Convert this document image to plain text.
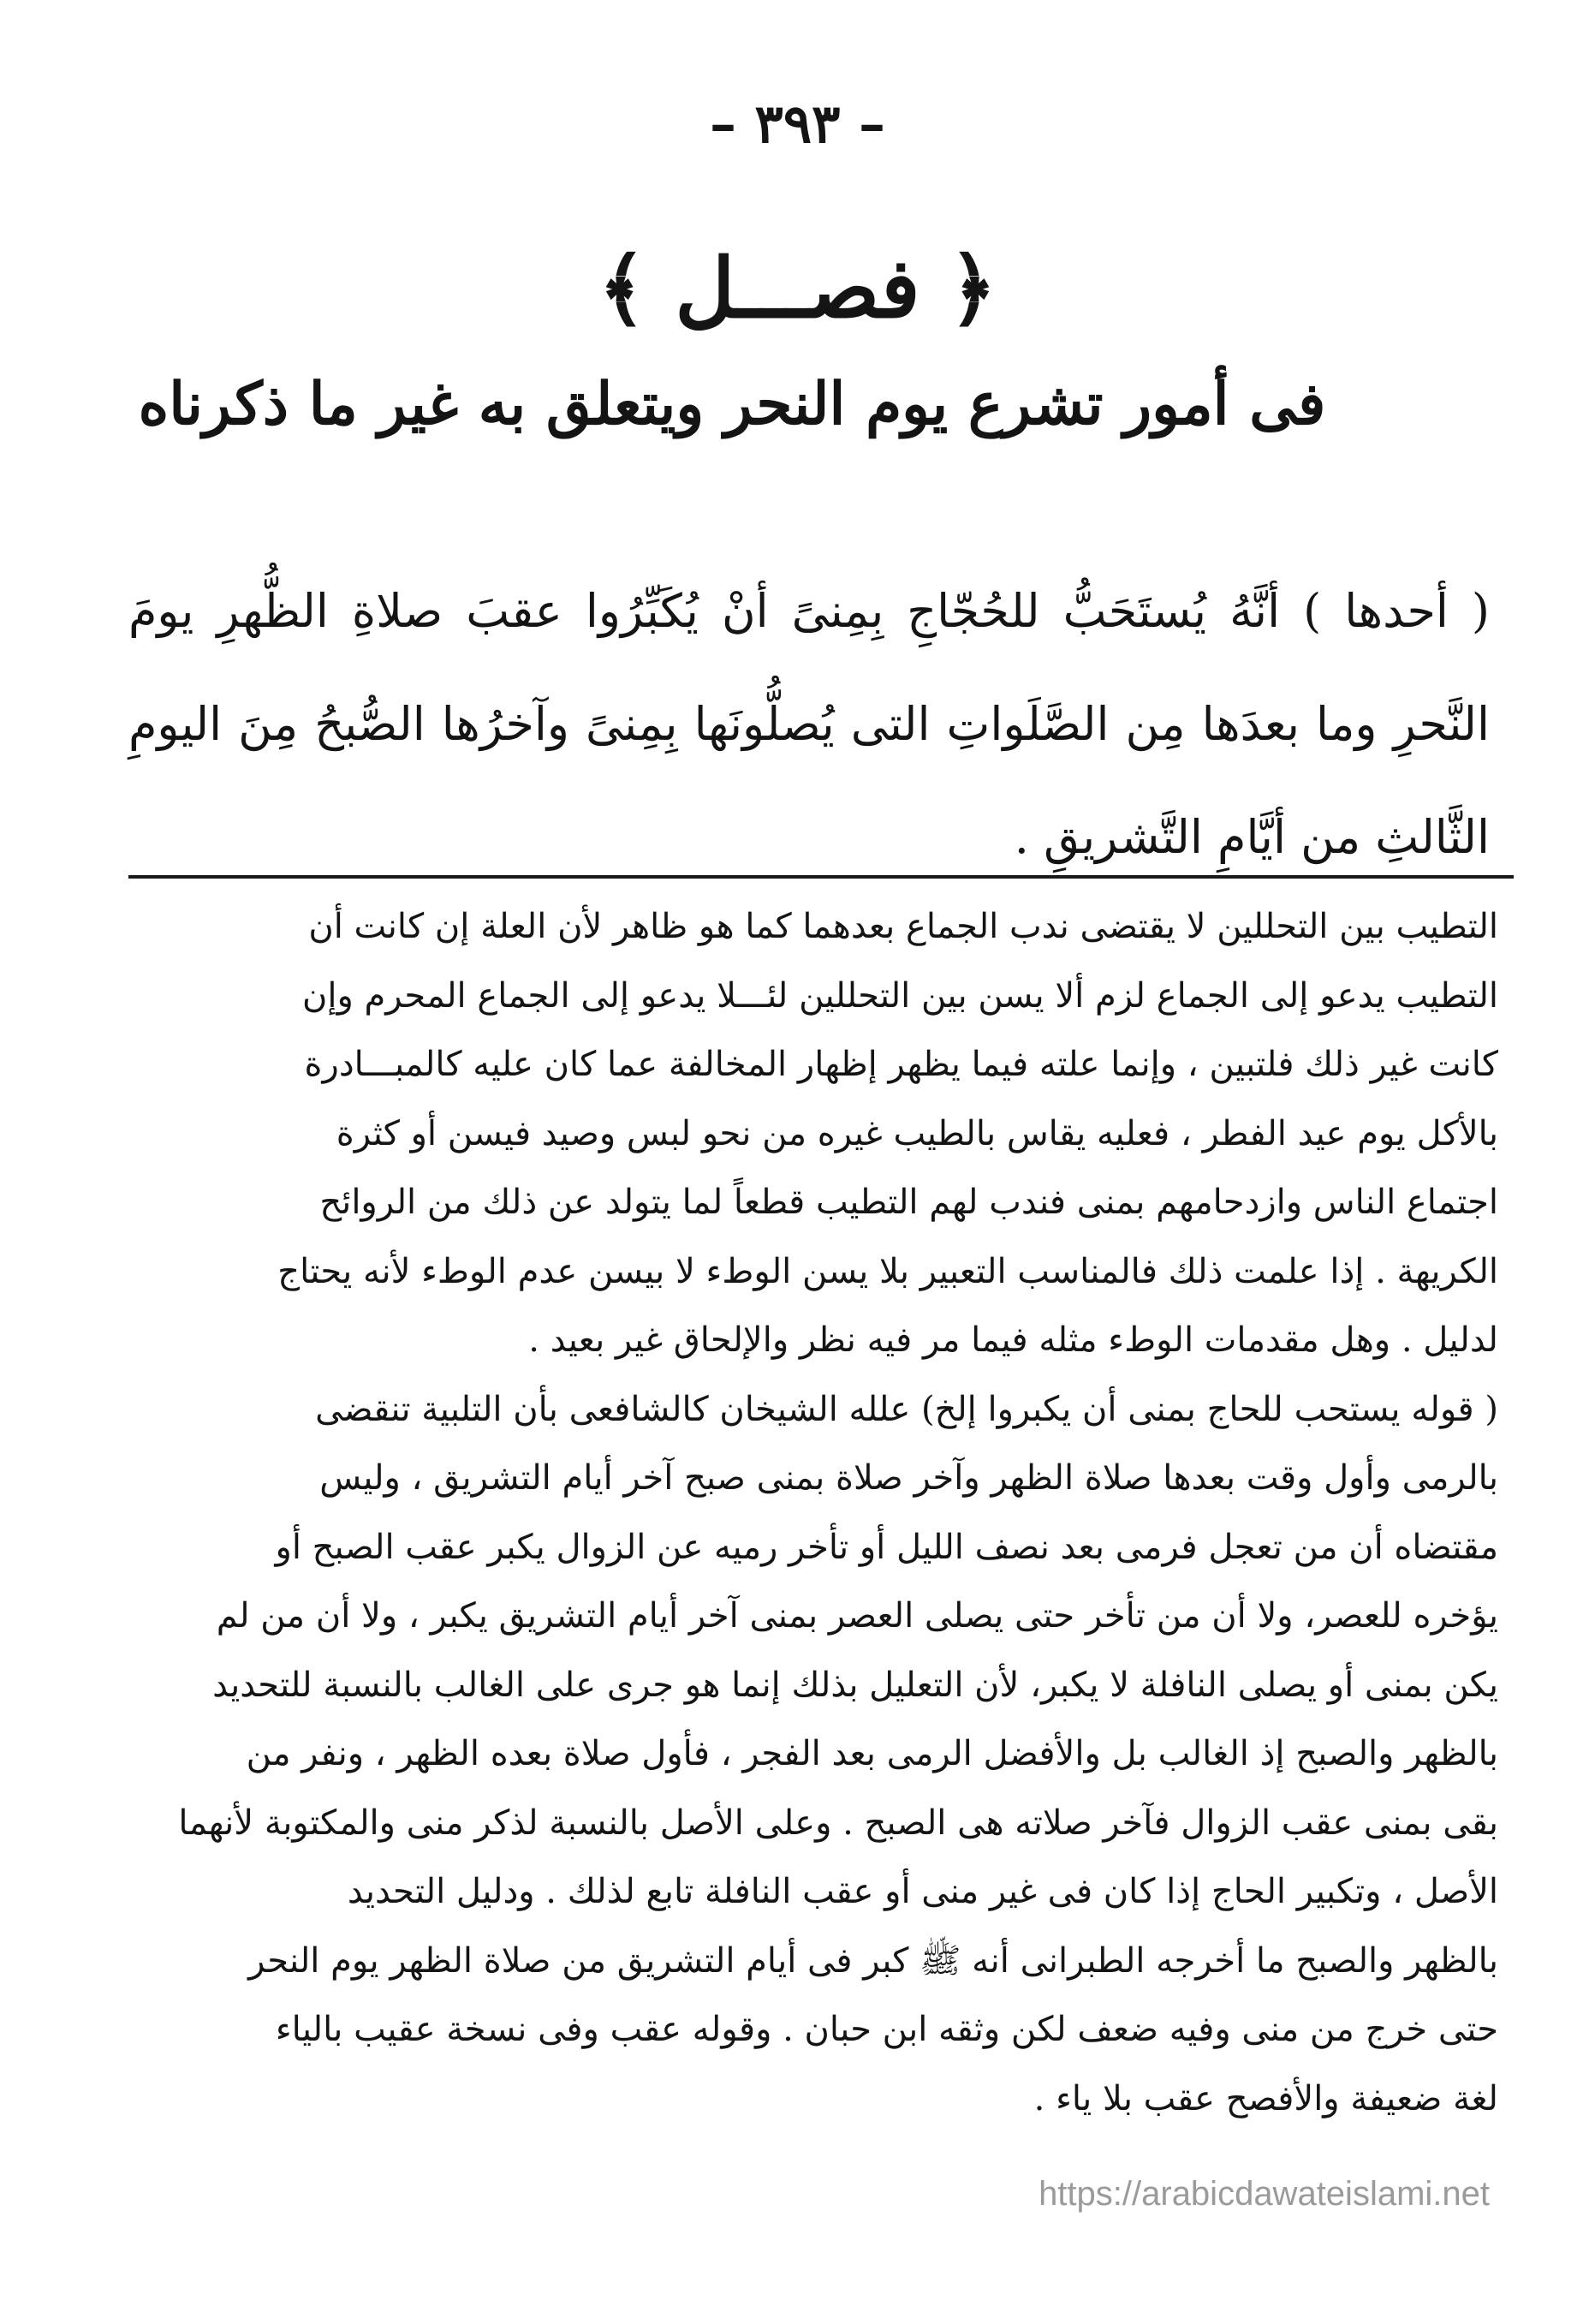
– ٣٩٣ –
﴿ فصـــل ﴾
فى أمور تشرع يوم النحر ويتعلق به غير ما ذكرناه

( أحدها ) أنَّهُ يُستَحَبُّ للحُجّاجِ بِمِنىً أنْ يُكَبِّرُوا عقبَ صلاةِ الظُّهرِ يومَ النَّحرِ وما بعدَها مِن الصَّلَواتِ التى يُصلُّونَها بِمِنىً وآخرُها الصُّبحُ مِنَ اليومِ الثَّالثِ من أيَّامِ التَّشريقِ .

التطيب بين التحللين لا يقتضى ندب الجماع بعدهما كما هو ظاهر لأن العلة إن كانت أن
التطيب يدعو إلى الجماع لزم ألا يسن بين التحللين لئـــلا يدعو إلى الجماع المحرم وإن
كانت غير ذلك فلتبين ، وإنما علته فيما يظهر إظهار المخالفة عما كان عليه كالمبـــادرة
بالأكل يوم عيد الفطر ، فعليه يقاس بالطيب غيره من نحو لبس وصيد فيسن أو كثرة
اجتماع الناس وازدحامهم بمنى فندب لهم التطيب قطعاً لما يتولد عن ذلك من الروائح
الكريهة . إذا علمت ذلك فالمناسب التعبير بلا يسن الوطء لا بيسن عدم الوطء لأنه يحتاج
لدليل . وهل مقدمات الوطء مثله فيما مر فيه نظر والإلحاق غير بعيد .
( قوله يستحب للحاج بمنى أن يكبروا إلخ) علله الشيخان كالشافعى بأن التلبية تنقضى
بالرمى وأول وقت بعدها صلاة الظهر وآخر صلاة بمنى صبح آخر أيام التشريق ، وليس
مقتضاه أن من تعجل فرمى بعد نصف الليل أو تأخر رميه عن الزوال يكبر عقب الصبح أو
يؤخره للعصر، ولا أن من تأخر حتى يصلى العصر بمنى آخر أيام التشريق يكبر ، ولا أن من لم
يكن بمنى أو يصلى النافلة لا يكبر، لأن التعليل بذلك إنما هو جرى على الغالب بالنسبة للتحديد
بالظهر والصبح إذ الغالب بل والأفضل الرمى بعد الفجر ، فأول صلاة بعده الظهر ، ونفر من
بقى بمنى عقب الزوال فآخر صلاته هى الصبح . وعلى الأصل بالنسبة لذكر منى والمكتوبة لأنهما
الأصل ، وتكبير الحاج إذا كان فى غير منى أو عقب النافلة تابع لذلك . ودليل التحديد
بالظهر والصبح ما أخرجه الطبرانى أنه ﷺ كبر فى أيام التشريق من صلاة الظهر يوم النحر
حتى خرج من منى وفيه ضعف لكن وثقه ابن حبان . وقوله عقب وفى نسخة عقيب بالياء
لغة ضعيفة والأفصح عقب بلا ياء .
https://arabicdawateislami.net
